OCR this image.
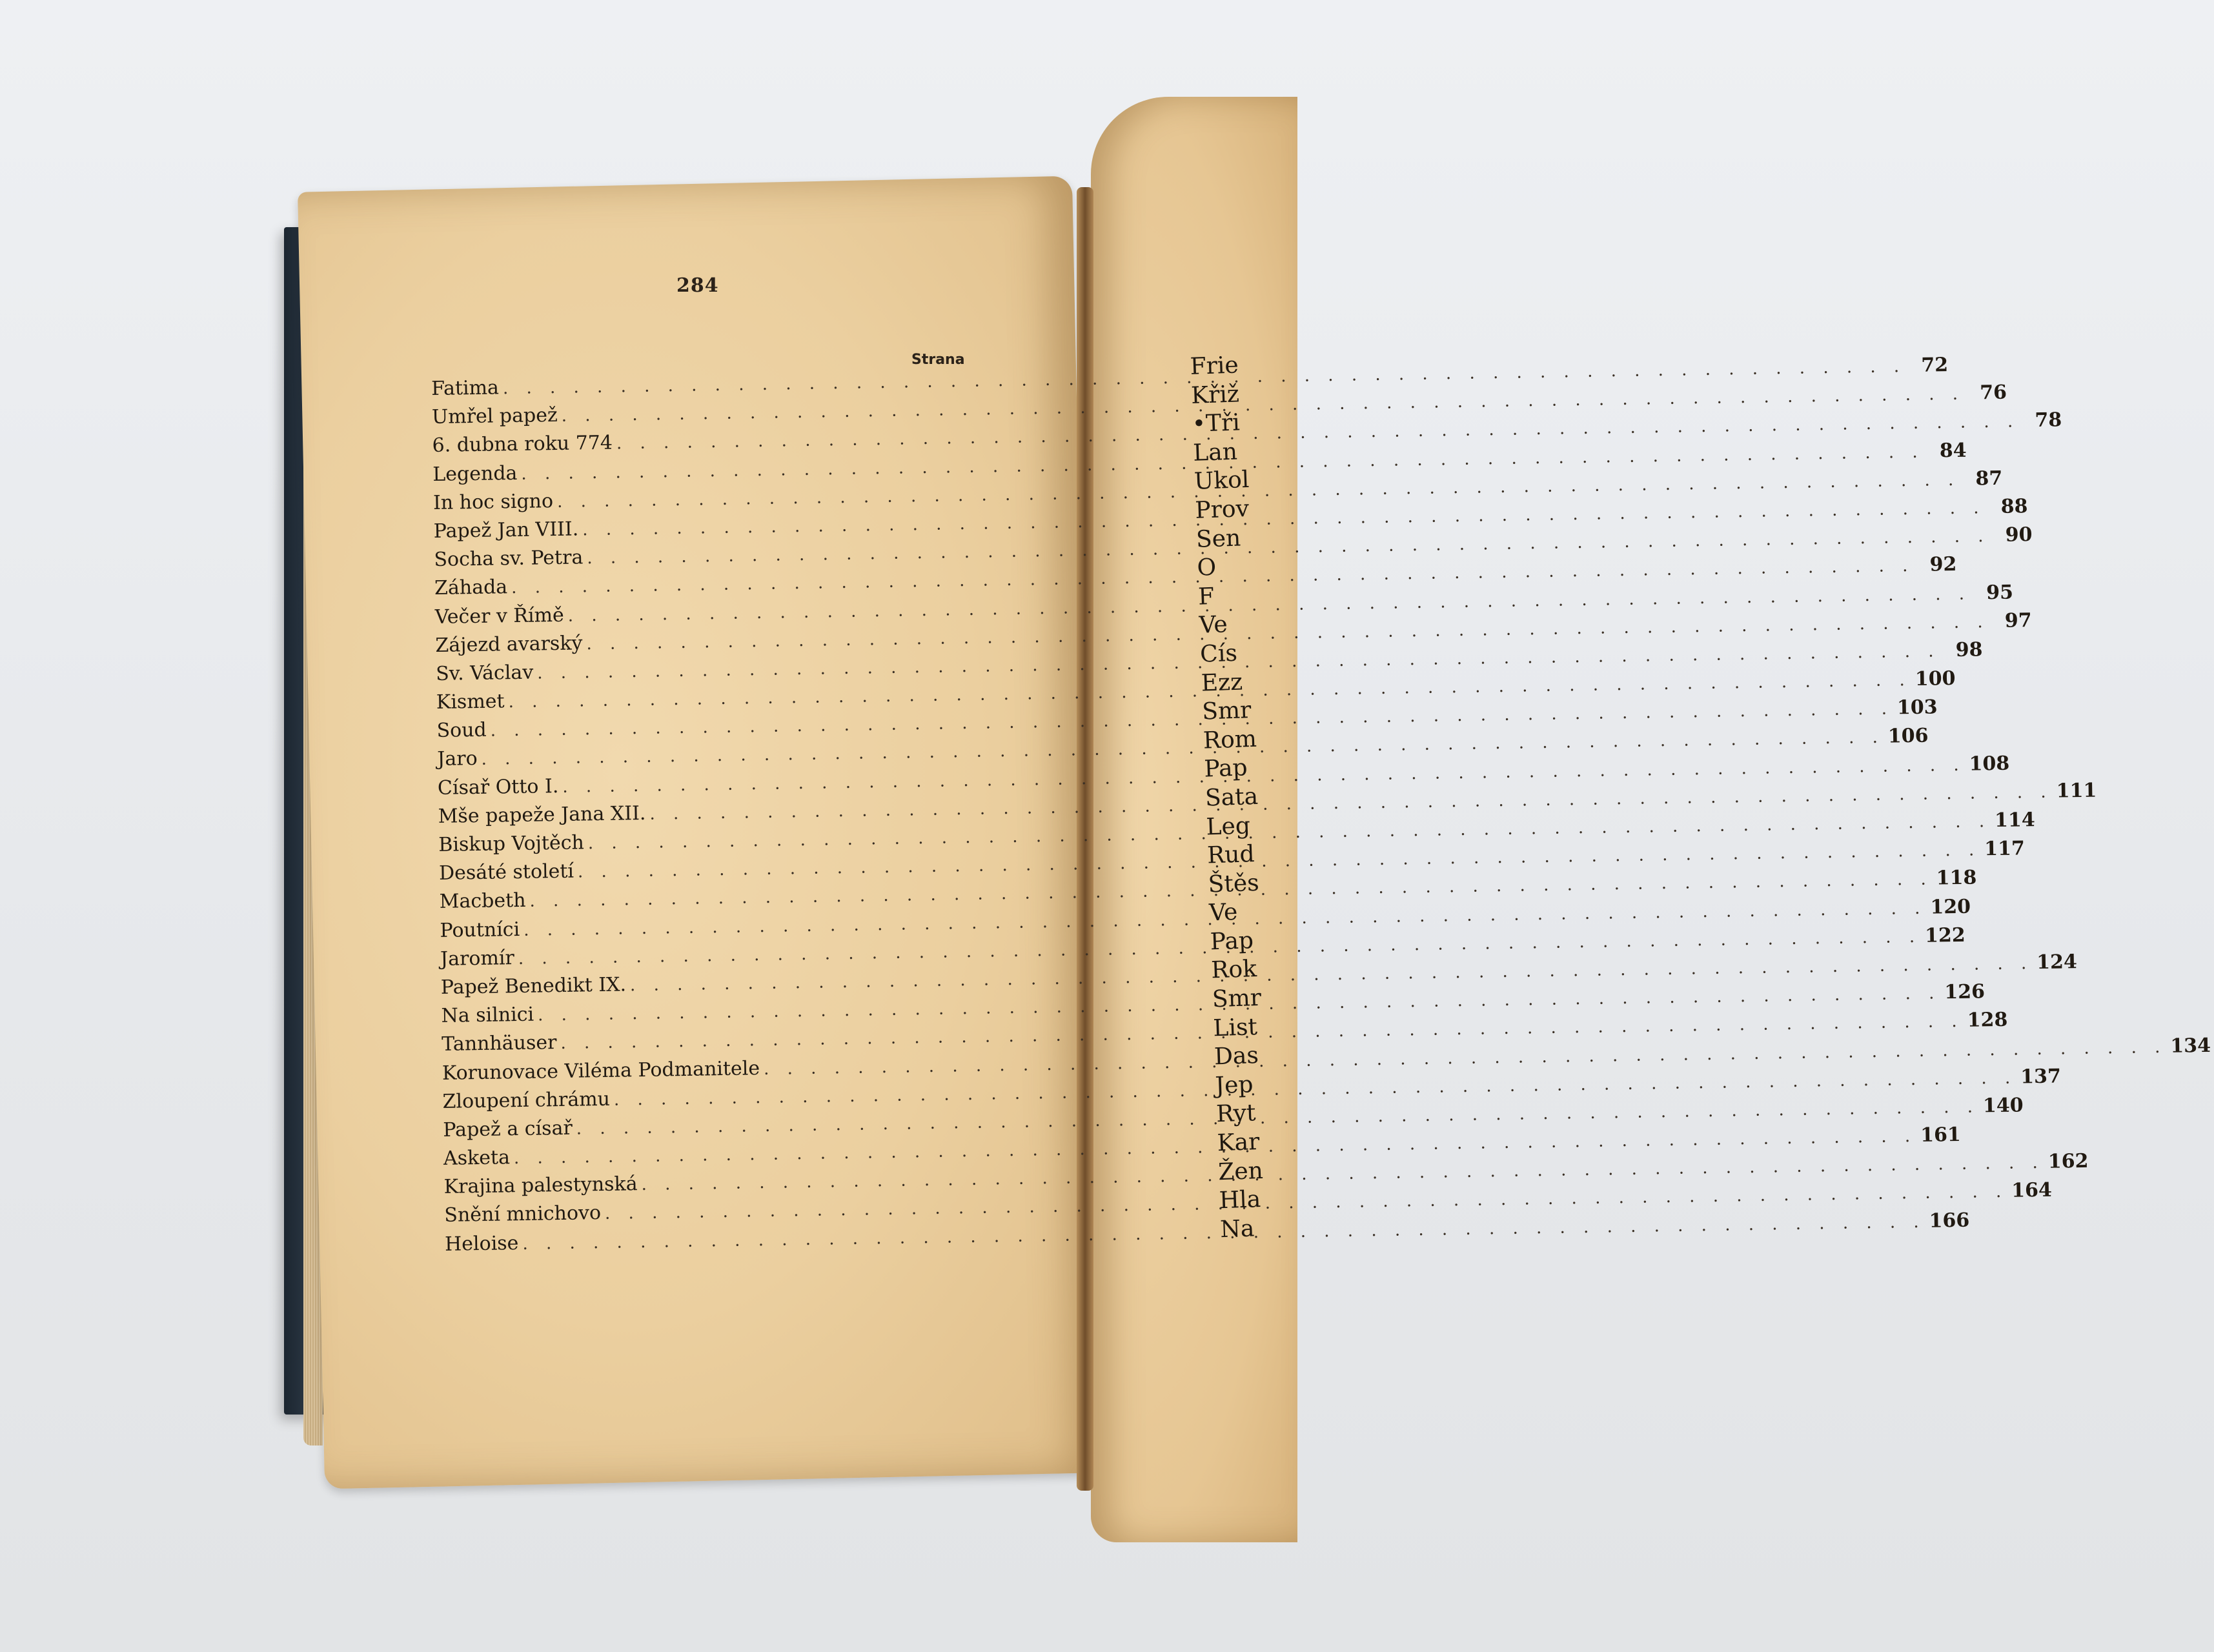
284
Strana
Fatima
. . .
72
Umřel papež
. . .
76
6. dubna roku 774
. . .
78
Legenda
. . .
84
In hoc signo
. . .
87
Papež Jan VIII.
. . .
88
Socha sv. Petra
. . .
90
Záhada
. . .
92
Večer v Římě
. . .
95
Zájezd avarský
. . .
97
Sv. Václav
. . .
98
Kismet
. . .
100
Soud
. . .
103
Jaro
. . .
106
Císař Otto I.
. . .
108
Mše papeže Jana XII.
. . .
111
Biskup Vojtěch
. . .
114
Desáté století
. . .
117
Macbeth
. . .
118
Poutníci
. . .
120
Jaromír
. . .
122
Papež Benedikt IX.
. . .
124
Na silnici
. . .
126
Tannhäuser
. . .
128
Korunovace Viléma Podmanitele
. . .
134
Zloupení chrámu
. . .
137
Papež a císař
. . .
140
Asketa
. . .
161
Krajina palestynská
. . .
162
Snění mnichovo
. . .
164
Heloise
. . .
166
Frie
Křiž
•Tři
Lan
Ukol
Prov
Sen
O
F
Ve
Cís
Ezz
Smr
Rom
Pap
Sata
Leg
Rud
Štěs
Ve
Pap
Rok
Smr
List
Das
Jep
Ryt
Kar
Žen
Hla
Na
